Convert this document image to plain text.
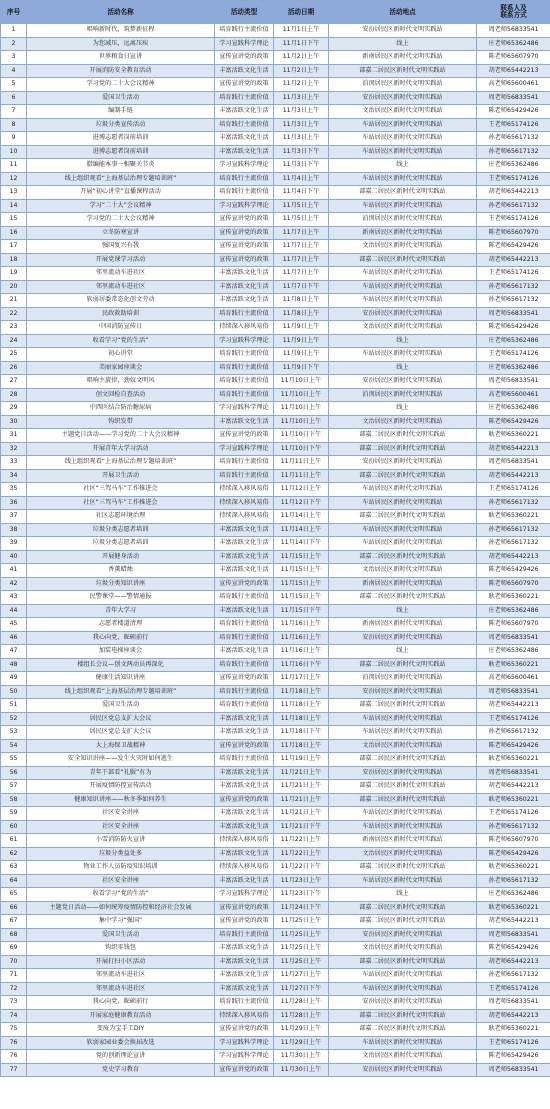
序号	活动名称	活动类型	活动日期	活动地点	联系人及
联系方式
1	唱响新时代，筑梦新征程	培育践行主流价值	11月1日上午	安汾居民区新时代文明实践站	周老师56833541
2	为您减压，远离压疾	学习宣践科学理论	11月1日下午	线上	庄老师65362486
3	世界粮食日宣讲	宣传宣讲党的政策	11月2日上午	新南居民区新时代文明实践站	陈老师65607970
4	开展消防安全教育活动	丰富活跃文化生活	11月2日上午	部嘉二居民区新时代文明实践站	胡老师65442213
5	学习党的二十大会议精神	宣传宣讲党的政策	11月2日上午	泊闵居民区新时代文明实践站	高老师65600461
6	爱国卫生活动	培育践行主流价值	11月3日上午	安汾居民区新时代文明实践站	周老师56833541
7	编制手链	丰富活跃文化生活	11月3日上午	文治居民区新时代文明实践站	陈老师65429426
8	垃圾分类宣传活动	培育践行主流价值	11月3日上午	车站居民区新时代文明实践站	王老师65174126
9	进博志愿者岗前培训	丰富活跃文化生活	11月3日上午	车站居民区新时代文明实践站	孙老师65617132
10	进博志愿者岗前培训	丰富活跃文化生活	11月3日下午	车站居民区新时代文明实践站	孙老师65617132
11	腊编能本事一相聚关节炎	学习宣践科学理论	11月3日下午	线上	庄老师65362486
12	线上组织观看“上海基层治理专题培训班”	培育践行主流价值	11月4日上午	车站居民区新时代文明实践站	王老师65174126
13	开展“初心讲堂”直播课程活动	培育践行主流价值	11月4日下午	部嘉二居民区新时代文明实践站	胡老师65442213
14	学习“二十大”会议精神	学习宣践科学理论	11月5日上午	车站居民区新时代文明实践站	孙老师65617132
15	学习党的二十大会议精神	宣传宣讲党的政策	11月5日上午	泊闵居民区新时代文明实践站	王老师65174126
16	立冬防寒宣讲	宣传宣讲党的政策	11月7日上午	新南居民区新时代文明实践站	陈老师65607970
17	强国复兴有我	宣传宣讲党的政策	11月7日上午	文治居民区新时代文明实践站	陈老师65429426
18	开展党课学习活动	宣传宣讲党的政策	11月7日上午	部嘉二居民区新时代文明实践站	胡老师65442213
19	邻里流动车进社区	丰富活跃文化生活	11月7日上午	车站居民区新时代文明实践站	王老师65174126
20	邻里流动车进社区	丰富活跃文化生活	11月7日下午	车站居民区新时代文明实践站	孙老师65617132
21	软弱居委常态化创文劳动	丰富活跃文化生活	11月8日上午	车站居民区新时代文明实践站	孙老师65617132
22	民政救助培训	培育践行主流价值	11月8日上午	安汾居民区新时代文明实践站	周老师56833541
23	中国消防宣传日	持续深入移风易俗	11月9日上午	文治居民区新时代文明实践站	陈老师65429426
24	收看学习“党的生活”	学习宣践科学理论	11月9日上午	线上	庄老师65362486
25	初心讲堂	培育践行主流价值	11月9日上午	车站居民区新时代文明实践站	王老师65174126
26	美丽家园座谈会	培育践行主流价值	11月9日下午	线上	庄老师65362486
27	唱响主旋律，劲奴文明风	培育践行主流价值	11月10日上午	安汾居民区新时代文明实践站	周老师56833541
28	创文回检自查活动	培育践行主流价值	11月10日上午	泊闵居民区新时代文明实践站	高老师65600461
29	中西医结合防治糖尿病	学习宣践科学理论	11月10日上午	线上	庄老师65362486
30	钩织发带	丰富活跃文化生活	11月10日上午	文治居民区新时代文明实践站	陈老师65429426
31	主题党日活动——学习党的二十大会议精神	宣传宣讲党的政策	11月10日下午	部嘉二居民区新时代文明实践站	耿老师65360221
32	开展青年大学习活动	学习宣践科学理论	11月10日下午	部嘉二居民区新时代文明实践站	胡老师65442213
33	线上组织观看“上海基层治理专题培训班”	培育践行主流价值	11月11日上午	安汾居民区新时代文明实践站	周老师56833541
34	开展卫生活动	培育践行主流价值	11月11日上午	部嘉二居民区新时代文明实践站	胡老师65442213
35	社区“三驾马车”工作推进会	持续深入移风易俗	11月12日上午	车站居民区新时代文明实践站	王老师65174126
36	社区“三驾马车”工作推进会	持续深入移风易俗	11月12日下午	车站居民区新时代文明实践站	孙老师65617132
37	社区志愿环境治理	持续深入移风易俗	11月14日上午	部嘉二居民区新时代文明实践站	耿老师65360221
38	垃圾分类志愿者培训	丰富活跃文化生活	11月14日上午	车站居民区新时代文明实践站	孙老师65617132
39	垃圾分类志愿者培训	丰富活跃文化生活	11月14日下午	车站居民区新时代文明实践站	孙老师65617132
40	开展健身活动	丰富活跃文化生活	11月15日上午	部嘉二居民区新时代文明实践站	胡老师65442213
41	香薰蜡烛	丰富活跃文化生活	11月15日上午	文治居民区新时代文明实践站	陈老师65429426
42	垃圾分类知识讲座	宣传宣讲党的政策	11月15日上午	新南居民区新时代文明实践站	陈老师65607970
43	民警课堂——警情通报	培育践行主流价值	11月15日上午	部嘉二居民区新时代文明实践站	耿老师65360221
44	青年大学习	丰富活跃文化生活	11月15日下午	线上	庄老师65362486
45	志愿者楼道清理	培育践行主流价值	11月16日上午	新南居民区新时代文明实践站	陈老师65607970
46	我心向党，昵硕前行	培育践行主流价值	11月16日上午	安汾居民区新时代文明实践站	周老师56833541
47	加装电梯座谈会	丰富活跃文化生活	11月16日上午	线上	庄老师65362486
48	楼组长会议—创文两动员再深化	培育践行主流价值	11月16日下午	部嘉二居民区新时代文明实践站	耿老师65360221
49	健康生活知识讲座	宣传宣讲党的政策	11月17日上午	泊闵居民区新时代文明实践站	高老师65600461
50	线上组织观看“上海基层治理专题培训班”	培育践行主流价值	11月18日上午	安汾居民区新时代文明实践站	周老师56833541
51	爱国卫生活动	培育践行主流价值	11月18日上午	部嘉二居民区新时代文明实践站	胡老师65442213
52	居民区党总支扩大会议	丰富活跃文化生活	11月18日上午	车站居民区新时代文明实践站	王老师65174126
53	居民区党总支扩大会议	丰富活跃文化生活	11月18日下午	车站居民区新时代文明实践站	孙老师65617132
54	大上海保卫战精神	宣传宣讲党的政策	11月18日上午	文治居民区新时代文明实践站	陈老师65429426
55	安全知识讲座——发生火灾时如何逃生	培育践行主流价值	11月19日上午	部嘉二居民区新时代文明实践站	耿老师65360221
56	青年干部看“礼服”有为	丰富活跃文化生活	11月21日上午	安汾居民区新时代文明实践站	周老师56833541
57	开展疫情防控宣传活动	丰富活跃文化生活	11月21日上午	部嘉二居民区新时代文明实践站	胡老师65442213
58	健康知识讲座——秋冬季如何养生	宣传宣讲党的政策	11月21日上午	部嘉二居民区新时代文明实践站	耿老师65360221
59	社区安全讲座	丰富活跃文化生活	11月21日上午	车站居民区新时代文明实践站	王老师65174126
60	社区安全讲座	丰富活跃文化生活	11月21日下午	车站居民区新时代文明实践站	孙老师65617132
61	小雪消防防火宣讲	持续深入移风易俗	11月22日上午	新南居民区新时代文明实践站	陈老师65607970
62	垃圾分类益处多	丰富活跃文化生活	11月22日上午	文治居民区新时代文明实践站	陈老师65429426
63	物业工作人员防疫知识培训	持续深入移风易俗	11月22日下午	部嘉二居民区新时代文明实践站	耿老师65360221
64	社区安全讲座	丰富活跃文化生活	11月23日上午	车站居民区新时代文明实践站	孙老师65617132
65	收看学习“党的生活”	学习宣践科学理论	11月23日下午	线上	庄老师65362486
66	主题党日活动——如何统筹疫情防控和经济社会发展	宣传宣讲党的政策	11月24日下午	部嘉二居民区新时代文明实践站	耿老师65360221
67	集中学习“强国”	宣传宣讲党的政策	11月25日上午	部嘉二居民区新时代文明实践站	胡老师65442213
68	爱国卫生活动	培育践行主流价值	11月25日上午	安汾居民区新时代文明实践站	周老师56833541
69	钩织零钱包	丰富活跃文化生活	11月25日上午	文治居民区新时代文明实践站	陈老师65429426
70	开展打扫小区活动	丰富活跃文化生活	11月25日上午	部嘉二居民区新时代文明实践站	胡老师65442213
71	邻里流动车进社区	丰富活跃文化生活	11月27日上午	车站居民区新时代文明实践站	孙老师65617132
72	邻里流动车进社区	丰富活跃文化生活	11月27日下午	车站居民区新时代文明实践站	王老师65174126
73	我心向党，昵硕前行	培育践行主流价值	11月28日上午	安汾居民区新时代文明实践站	周老师56833541
74	开展家庭健康教育活动	持续深入移风易俗	11月28日上午	部嘉二居民区新时代文明实践站	胡老师65442213
75	变废为宝手工DIY	宣传宣讲党的政策	11月29日上午	部嘉二居民区新时代文明实践站	耿老师65360221
76	软弱家园业委会换届改选	学习宣践科学理论	11月29日上午	车站居民区新时代文明实践站	王老师65174126
76	党的创新理论宣讲	学习宣践科学理论	11月30日上午	文治居民区新时代文明实践站	陈老师65429426
77	党史学习教育	宣传宣讲党的政策	11月30日上午	安汾居民区新时代文明实践站	周老师56833541
